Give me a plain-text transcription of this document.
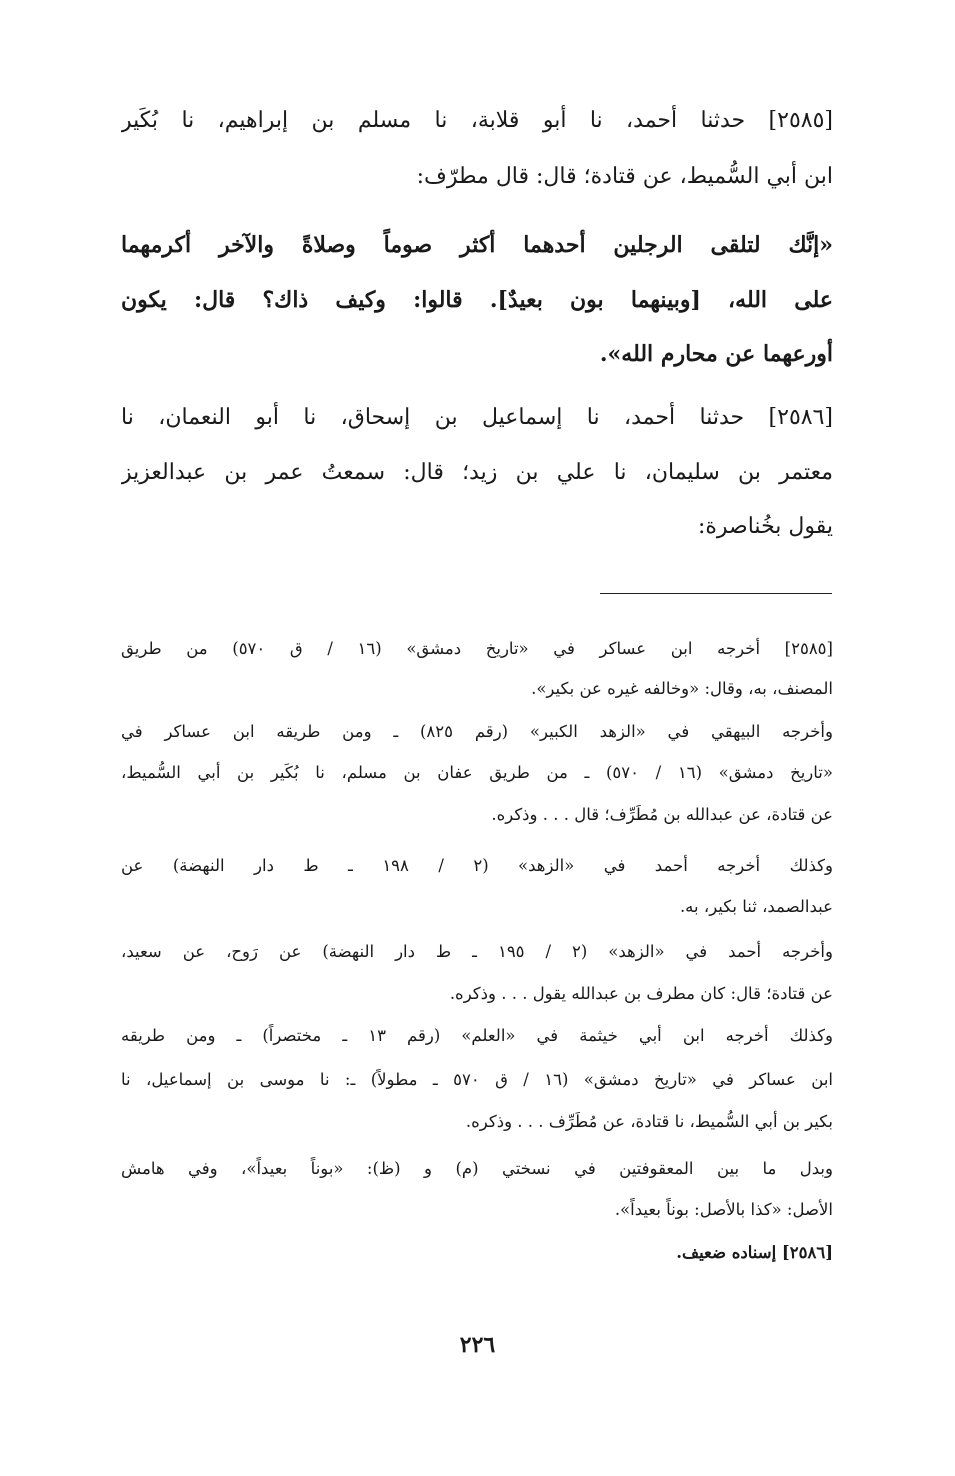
[٢٥٨٥] حدثنا أحمد، نا أبو قلابة، نا مسلم بن إبراهيم، نا بُكَير
ابن أبي السُّميط، عن قتادة؛ قال: قال مطرّف:
«إنَّك لتلقى الرجلين أحدهما أكثر صوماً وصلاةً والآخر أكرمهما
على الله، [وبينهما بون بعيدٌ]. قالوا: وكيف ذاك؟ قال: يكون
أورعهما عن محارم الله».
[٢٥٨٦] حدثنا أحمد، نا إسماعيل بن إسحاق، نا أبو النعمان، نا
معتمر بن سليمان، نا علي بن زيد؛ قال: سمعتُ عمر بن عبدالعزيز
يقول بخُناصرة:
[٢٥٨٥] أخرجه ابن عساكر في «تاريخ دمشق» (١٦ / ق ٥٧٠) من طريق
المصنف، به، وقال: «وخالفه غيره عن بكير».
وأخرجه البيهقي في «الزهد الكبير» (رقم ٨٢٥) ـ ومن طريقه ابن عساكر في
«تاريخ دمشق» (١٦ / ٥٧٠) ـ من طريق عفان بن مسلم، نا بُكَير بن أبي السُّميط،
عن قتادة، عن عبدالله بن مُطَرِّف؛ قال . . . وذكره.
وكذلك أخرجه أحمد في «الزهد» (٢ / ١٩٨ ـ ط دار النهضة) عن
عبدالصمد، ثنا بكير، به.
وأخرجه أحمد في «الزهد» (٢ / ١٩٥ ـ ط دار النهضة) عن رَوح، عن سعيد،
عن قتادة؛ قال: كان مطرف بن عبدالله يقول . . . وذكره.
وكذلك أخرجه ابن أبي خيثمة في «العلم» (رقم ١٣ ـ مختصراً) ـ ومن طريقه
ابن عساكر في «تاريخ دمشق» (١٦ / ق ٥٧٠ ـ مطولاً) ـ: نا موسى بن إسماعيل، نا
بكير بن أبي السُّميط، نا قتادة، عن مُطَرِّف . . . وذكره.
وبدل ما بين المعقوفتين في نسختي (م) و (ظ): «بوناً بعيداً»، وفي هامش
الأصل: «كذا بالأصل: بوناً بعيداً».
[٢٥٨٦] إسناده ضعيف.
٢٢٦
